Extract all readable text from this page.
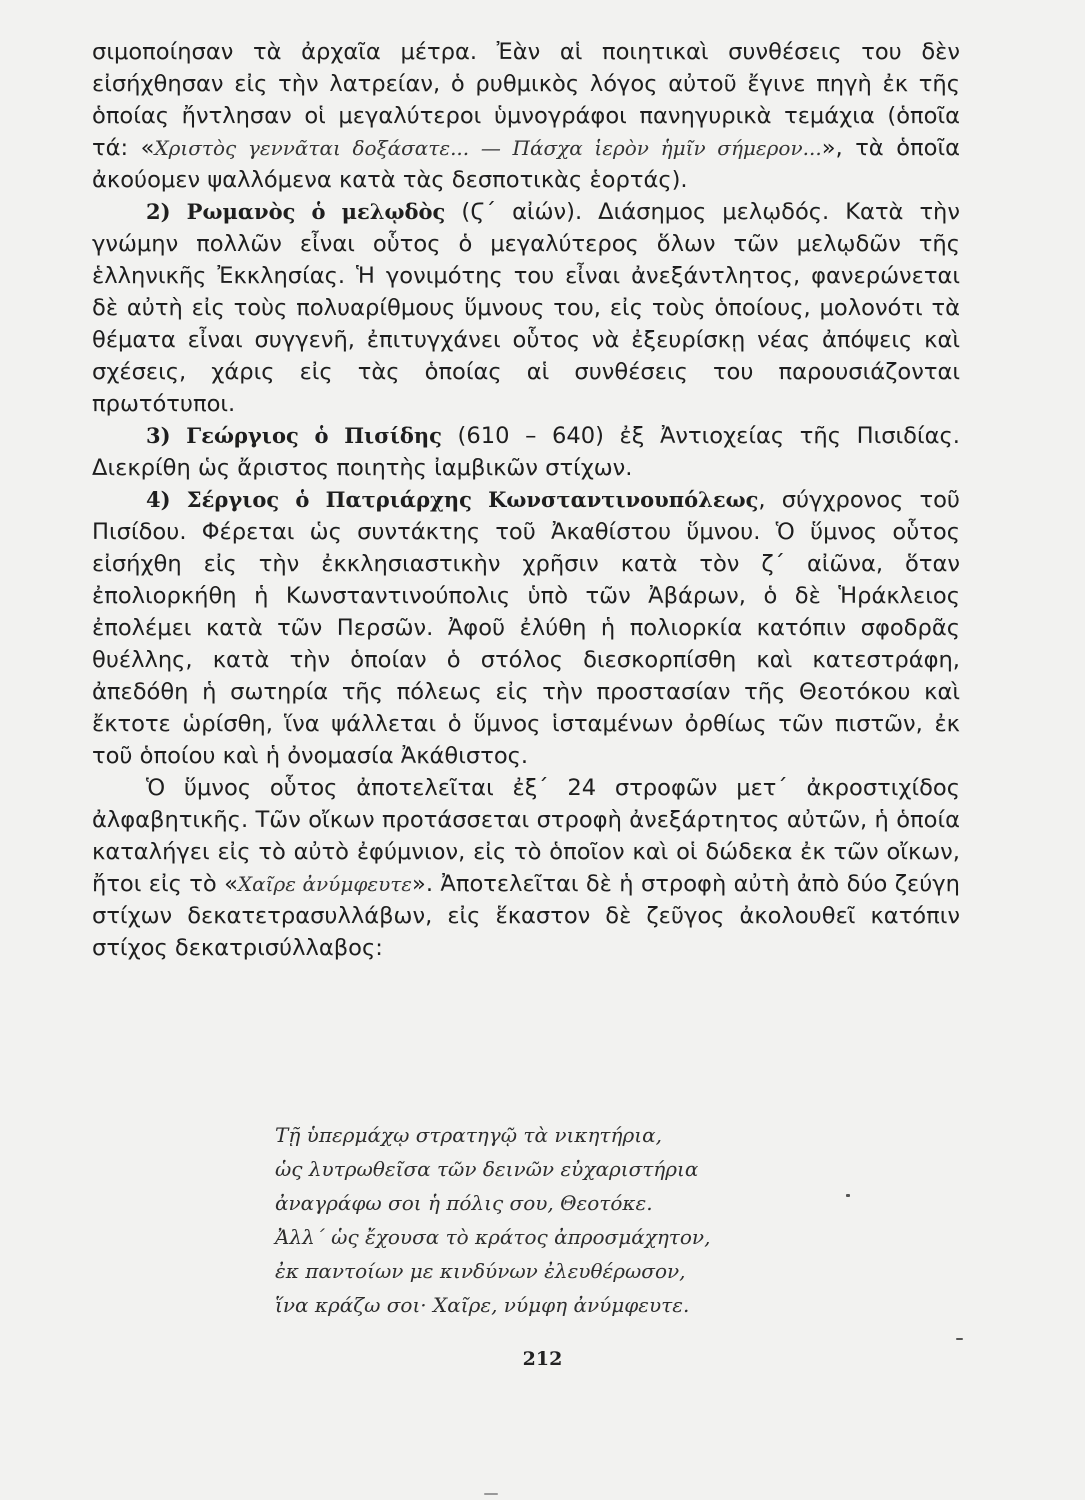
σιμοποίησαν τὰ ἀρχαῖα μέτρα. Ἐὰν αἱ ποιητικαὶ συνθέσεις του δὲν εἰσήχθησαν εἰς τὴν λατρείαν, ὁ ρυθμικὸς λόγος αὐτοῦ ἔγινε πηγὴ ἐκ τῆς ὁποίας ἤντλησαν οἱ μεγαλύτεροι ὑμνογράφοι πανηγυρικὰ τεμάχια (ὁποῖα τά: «Χριστὸς γεννᾶται δοξάσατε... — Πάσχα ἱερὸν ἡμῖν σήμερον...», τὰ ὁποῖα ἀκούομεν ψαλλόμενα κατὰ τὰς δεσποτικὰς ἑορτάς).

2) Ρωμανὸς ὁ μελῳδὸς (Ϛ΄ αἰών). Διάσημος μελῳδός. Κατὰ τὴν γνώμην πολλῶν εἶναι οὗτος ὁ μεγαλύτερος ὅλων τῶν μελῳδῶν τῆς ἑλληνικῆς Ἐκκλησίας. Ἡ γονιμότης του εἶναι ἀνεξάντλητος, φανερώνεται δὲ αὐτὴ εἰς τοὺς πολυαρίθμους ὕμνους του, εἰς τοὺς ὁποίους, μολονότι τὰ θέματα εἶναι συγγενῆ, ἐπιτυγχάνει οὗτος νὰ ἐξευρίσκῃ νέας ἀπόψεις καὶ σχέσεις, χάρις εἰς τὰς ὁποίας αἱ συνθέσεις του παρουσιάζονται πρωτότυποι.

3) Γεώργιος ὁ Πισίδης (610 – 640) ἐξ Ἀντιοχείας τῆς Πισιδίας. Διεκρίθη ὡς ἄριστος ποιητὴς ἰαμβικῶν στίχων.

4) Σέργιος ὁ Πατριάρχης Κωνσταντινουπόλεως, σύγχρονος τοῦ Πισίδου. Φέρεται ὡς συντάκτης τοῦ Ἀκαθίστου ὕμνου. Ὁ ὕμνος οὗτος εἰσήχθη εἰς τὴν ἐκκλησιαστικὴν χρῆσιν κατὰ τὸν ζ΄ αἰῶνα, ὅταν ἐπολιορκήθη ἡ Κωνσταντινούπολις ὑπὸ τῶν Ἀβάρων, ὁ δὲ Ἡράκλειος ἐπολέμει κατὰ τῶν Περσῶν. Ἀφοῦ ἐλύθη ἡ πολιορκία κατόπιν σφοδρᾶς θυέλλης, κατὰ τὴν ὁποίαν ὁ στόλος διεσκορπίσθη καὶ κατεστράφη, ἀπεδόθη ἡ σωτηρία τῆς πόλεως εἰς τὴν προστασίαν τῆς Θεοτόκου καὶ ἔκτοτε ὡρίσθη, ἵνα ψάλλεται ὁ ὕμνος ἱσταμένων ὀρθίως τῶν πιστῶν, ἐκ τοῦ ὁποίου καὶ ἡ ὀνομασία Ἀκάθιστος.

Ὁ ὕμνος οὗτος ἀποτελεῖται ἐξ΄ 24 στροφῶν μετ΄ ἀκροστιχίδος ἀλφαβητικῆς. Τῶν οἴκων προτάσσεται στροφὴ ἀνεξάρτητος αὐτῶν, ἡ ὁποία καταλήγει εἰς τὸ αὐτὸ ἐφύμνιον, εἰς τὸ ὁποῖον καὶ οἱ δώδεκα ἐκ τῶν οἴκων, ἤτοι εἰς τὸ «Χαῖρε ἀνύμφευτε». Ἀποτελεῖται δὲ ἡ στροφὴ αὐτὴ ἀπὸ δύο ζεύγη στίχων δεκατετρασυλλάβων, εἰς ἕκαστον δὲ ζεῦγος ἀκολουθεῖ κατόπιν στίχος δεκατρισύλλαβος:

Τῇ ὑπερμάχῳ στρατηγῷ τὰ νικητήρια,
ὡς λυτρωθεῖσα τῶν δεινῶν εὐχαριστήρια
ἀναγράφω σοι ἡ πόλις σου, Θεοτόκε.
Ἀλλ΄ ὡς ἔχουσα τὸ κράτος ἀπροσμάχητον,
ἐκ παντοίων με κινδύνων ἐλευθέρωσον,
ἵνα κράζω σοι· Χαῖρε, νύμφη ἀνύμφευτε.
212
